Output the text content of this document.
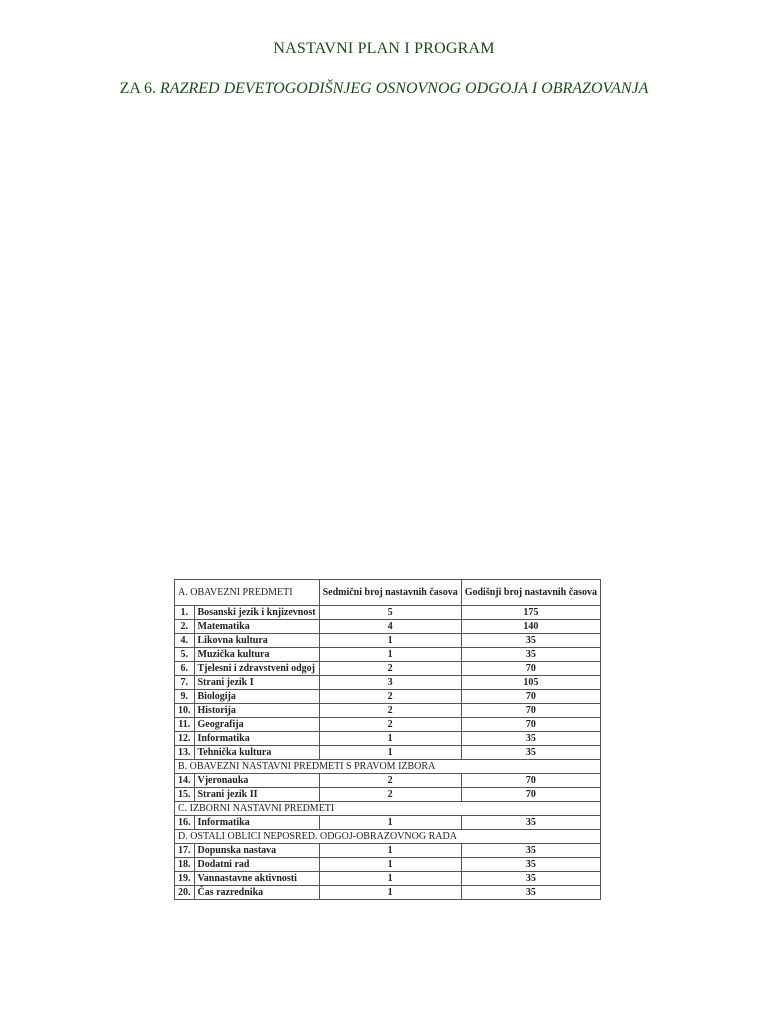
NASTAVNI PLAN I PROGRAM
ZA 6. RAZRED DEVETOGODIŠNJEG OSNOVNOG ODGOJA I OBRAZOVANJA
A. OBAVEZNI PREDMETI		Sedmični broj nastavnih časova	Godišnji broj nastavnih časova
1.	Bosanski jezik i knjizevnost	5	175
2.	Matematika	4	140
4.	Likovna kultura	1	35
5.	Muzička kultura	1	35
6.	Tjelesni i zdravstveni odgoj	2	70
7.	Strani jezik I	3	105
9.	Biologija	2	70
10.	Historija	2	70
11.	Geografija	2	70
12.	Informatika	1	35
13.	Tehnička kultura	1	35
B. OBAVEZNI NASTAVNI PREDMETI S PRAVOM IZBORA			
14.	Vjeronauka	2	70
15.	Strani jezik II	2	70
C. IZBORNI NASTAVNI PREDMETI			
16.	Informatika	1	35
D. OSTALI OBLICI NEPOSRED. ODGOJ-OBRAZOVNOG RADA			
17.	Dopunska nastava	1	35
18.	Dodatni rad	1	35
19.	Vannastavne aktivnosti	1	35
20.	Čas razrednika	1	35
